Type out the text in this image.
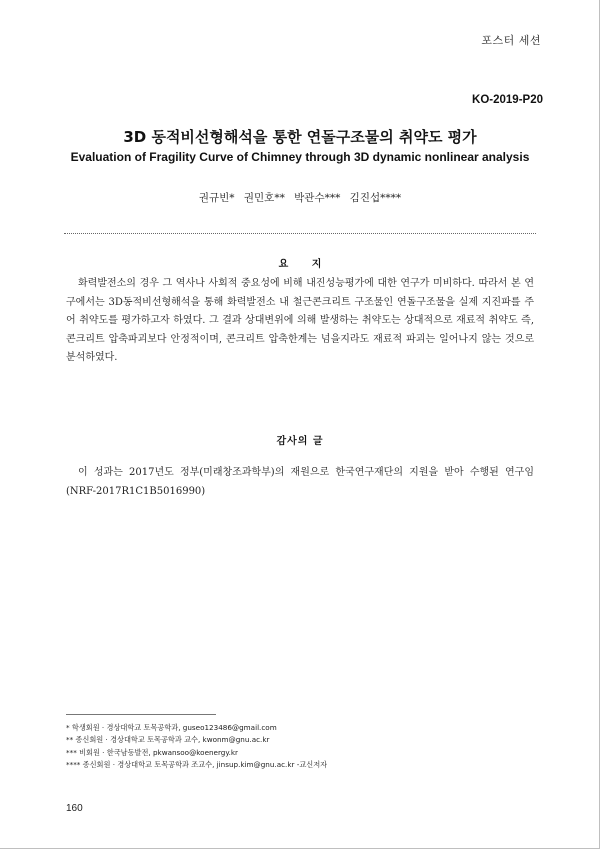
포스터 세션
KO-2019-P20
3D 동적비선형해석을 통한 연돌구조물의 취약도 평가
Evaluation of Fragility Curve of Chimney through 3D dynamic nonlinear analysis
권규빈* 권민호** 박관수*** 김진섭****
요 지
화력발전소의 경우 그 역사나 사회적 중요성에 비해 내진성능평가에 대한 연구가 미비하다. 따라서 본 연구에서는 3D동적비선형해석을 통해 화력발전소 내 철근콘크리트 구조물인 연돌구조물을 실제 지진파를 주어 취약도를 평가하고자 하였다. 그 결과 상대변위에 의해 발생하는 취약도는 상대적으로 재료적 취약도 즉, 콘크리트 압축파괴보다 안정적이며, 콘크리트 압축한계는 넘을지라도 재료적 파괴는 일어나지 않는 것으로 분석하였다.
감사의 글
이 성과는 2017년도 정부(미래창조과학부)의 재원으로 한국연구재단의 지원을 받아 수행된 연구임(NRF-2017R1C1B5016990)
* 학생회원 · 경상대학교 토목공학과, guseo123486@gmail.com
** 종신회원 · 경상대학교 토목공학과 교수, kwonm@gnu.ac.kr
*** 비회원 · 한국남동발전, pkwansoo@koenergy.kr
**** 종신회원 · 경상대학교 토목공학과 조교수, jinsup.kim@gnu.ac.kr -교신저자
160
